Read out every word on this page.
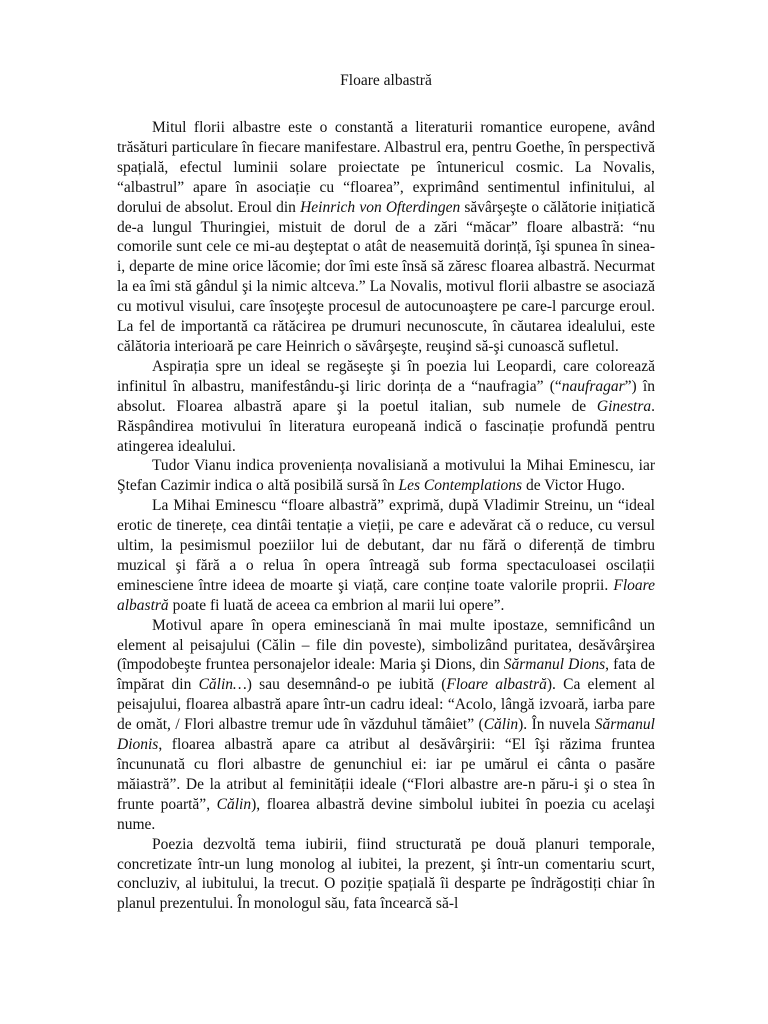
Floare albastră

Mitul florii albastre este o constantă a literaturii romantice europene, având trăsături particulare în fiecare manifestare. Albastrul era, pentru Goethe, în perspectivă spațială, efectul luminii solare proiectate pe întunericul cosmic. La Novalis, “albastrul” apare în asociație cu “floarea”, exprimând sentimentul infinitului, al dorului de absolut. Eroul din Heinrich von Ofterdingen săvârşeşte o călătorie inițiatică de-a lungul Thuringiei, mistuit de dorul de a zări “măcar” floare albastră: “nu comorile sunt cele ce mi-au deşteptat o atât de neasemuită dorință, îşi spunea în sinea-i, departe de mine orice lăcomie; dor îmi este însă să zăresc floarea albastră. Necurmat la ea îmi stă gândul şi la nimic altceva.” La Novalis, motivul florii albastre se asociază cu motivul visului, care însoţeşte procesul de autocunoaştere pe care-l parcurge eroul. La fel de importantă ca rătăcirea pe drumuri necunoscute, în căutarea idealului, este călătoria interioară pe care Heinrich o săvârşeşte, reuşind să-şi cunoască sufletul.

Aspirația spre un ideal se regăseşte şi în poezia lui Leopardi, care colorează infinitul în albastru, manifestându-şi liric dorința de a “naufragia” (“naufragar”) în absolut. Floarea albastră apare şi la poetul italian, sub numele de Ginestra. Răspândirea motivului în literatura europeană indică o fascinație profundă pentru atingerea idealului.

Tudor Vianu indica proveniența novalisiană a motivului la Mihai Eminescu, iar Ştefan Cazimir indica o altă posibilă sursă în Les Contemplations de Victor Hugo.

La Mihai Eminescu “floare albastră” exprimă, după Vladimir Streinu, un “ideal erotic de tinerețe, cea dintâi tentație a vieții, pe care e adevărat că o reduce, cu versul ultim, la pesimismul poeziilor lui de debutant, dar nu fără o diferență de timbru muzical şi fără a o relua în opera întreagă sub forma spectaculoasei oscilații eminesciene între ideea de moarte şi viață, care conține toate valorile proprii. Floare albastră poate fi luată de aceea ca embrion al marii lui opere”.

Motivul apare în opera eminesciană în mai multe ipostaze, semnificând un element al peisajului (Călin – file din poveste), simbolizând puritatea, desăvârşirea (împodobeşte fruntea personajelor ideale: Maria şi Dions, din Sărmanul Dions, fata de împărat din Călin…) sau desemnând-o pe iubită (Floare albastră). Ca element al peisajului, floarea albastră apare într-un cadru ideal: “Acolo, lângă izvoară, iarba pare de omăt, / Flori albastre tremur ude în văzduhul tămâiet” (Călin). În nuvela Sărmanul Dionis, floarea albastră apare ca atribut al desăvârşirii: “El îşi răzima fruntea încununată cu flori albastre de genunchiul ei: iar pe umărul ei cânta o pasăre măiastră”. De la atribut al feminității ideale (“Flori albastre are-n păru-i şi o stea în frunte poartă”, Călin), floarea albastră devine simbolul iubitei în poezia cu acelaşi nume.

Poezia dezvoltă tema iubirii, fiind structurată pe două planuri temporale, concretizate într-un lung monolog al iubitei, la prezent, şi într-un comentariu scurt, concluziv, al iubitului, la trecut. O poziție spațială îi desparte pe îndrăgostiți chiar în planul prezentului. În monologul său, fata încearcă să-l
